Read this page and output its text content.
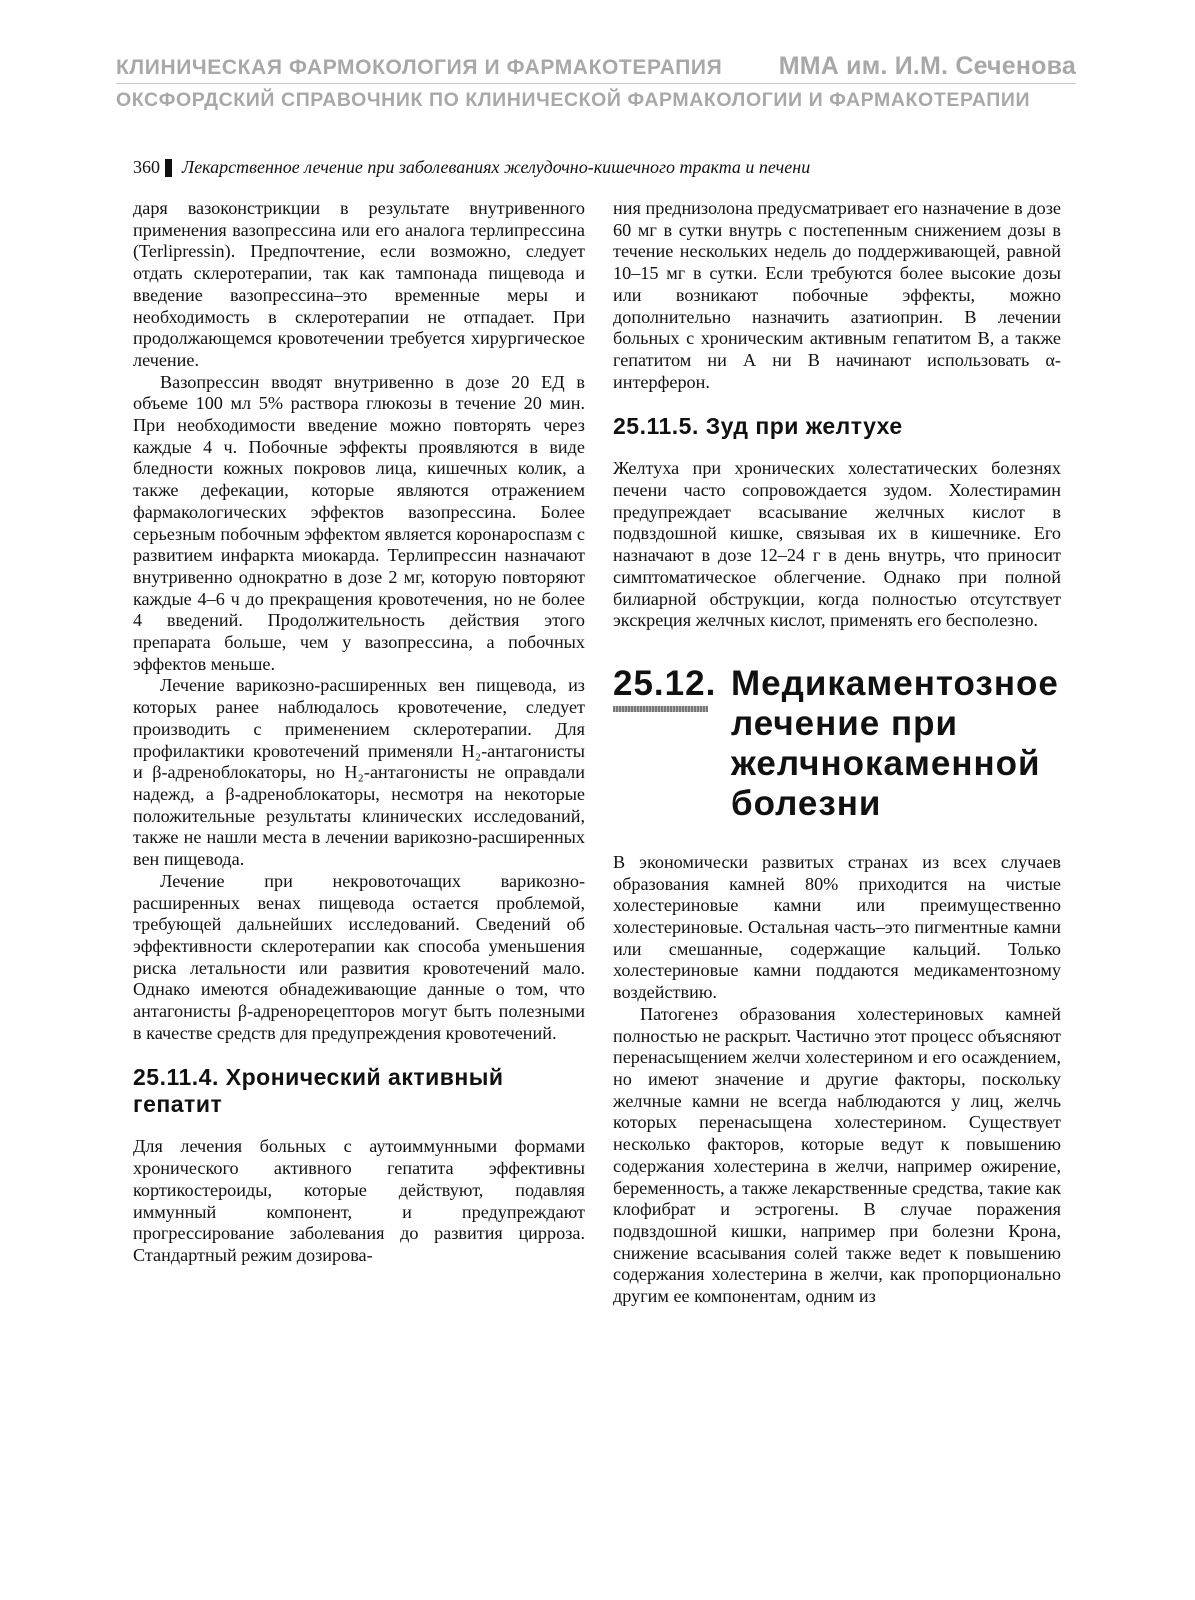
КЛИНИЧЕСКАЯ ФАРМОКОЛОГИЯ И ФАРМАКОТЕРАПИЯ ММА им. И.М. Сеченова
ОКСФОРДСКИЙ СПРАВОЧНИК ПО КЛИНИЧЕСКОЙ ФАРМАКОЛОГИИ И ФАРМАКОТЕРАПИИ
360 Лекарственное лечение при заболеваниях желудочно-кишечного тракта и печени

даря вазоконстрикции в результате внутривенного применения вазопрессина или его аналога терлипрессина (Terlipressin). Предпочтение, если возможно, следует отдать склеротерапии, так как тампонада пищевода и введение вазопрессина–это временные меры и необходимость в склеротерапии не отпадает. При продолжающемся кровотечении требуется хирургическое лечение.

Вазопрессин вводят внутривенно в дозе 20 ЕД в объеме 100 мл 5% раствора глюкозы в течение 20 мин. При необходимости введение можно повторять через каждые 4 ч. Побочные эффекты проявляются в виде бледности кожных покровов лица, кишечных колик, а также дефекации, которые являются отражением фармакологических эффектов вазопрессина. Более серьезным побочным эффектом является коронароспазм с развитием инфаркта миокарда. Терлипрессин назначают внутривенно однократно в дозе 2 мг, которую повторяют каждые 4–6 ч до прекращения кровотечения, но не более 4 введений. Продолжительность действия этого препарата больше, чем у вазопрессина, а побочных эффектов меньше.

Лечение варикозно-расширенных вен пищевода, из которых ранее наблюдалось кровотечение, следует производить с применением склеротерапии. Для профилактики кровотечений применяли H₂-антагонисты и β-адреноблокаторы, но H₂-антагонисты не оправдали надежд, а β-адреноблокаторы, несмотря на некоторые положительные результаты клинических исследований, также не нашли места в лечении варикозно-расширенных вен пищевода.

Лечение при некровоточащих варикозно-расширенных венах пищевода остается проблемой, требующей дальнейших исследований. Сведений об эффективности склеротерапии как способа уменьшения риска летальности или развития кровотечений мало. Однако имеются обнадеживающие данные о том, что антагонисты β-адренорецепторов могут быть полезными в качестве средств для предупреждения кровотечений.

25.11.4. Хронический активный гепатит

Для лечения больных с аутоиммунными формами хронического активного гепатита эффективны кортикостероиды, которые действуют, подавляя иммунный компонент, и предупреждают прогрессирование заболевания до развития цирроза. Стандартный режим дозирова-

ния преднизолона предусматривает его назначение в дозе 60 мг в сутки внутрь с постепенным снижением дозы в течение нескольких недель до поддерживающей, равной 10–15 мг в сутки. Если требуются более высокие дозы или возникают побочные эффекты, можно дополнительно назначить азатиоприн. В лечении больных с хроническим активным гепатитом В, а также гепатитом ни А ни В начинают использовать α-интерферон.

25.11.5. Зуд при желтухе

Желтуха при хронических холестатических болезнях печени часто сопровождается зудом. Холестирамин предупреждает всасывание желчных кислот в подвздошной кишке, связывая их в кишечнике. Его назначают в дозе 12–24 г в день внутрь, что приносит симптоматическое облегчение. Однако при полной билиарной обструкции, когда полностью отсутствует экскреция желчных кислот, применять его бесполезно.

25.12. Медикаментозное лечение при желчнокаменной болезни

В экономически развитых странах из всех случаев образования камней 80% приходится на чистые холестериновые камни или преимущественно холестериновые. Остальная часть–это пигментные камни или смешанные, содержащие кальций. Только холестериновые камни поддаются медикаментозному воздействию.

Патогенез образования холестериновых камней полностью не раскрыт. Частично этот процесс объясняют перенасыщением желчи холестерином и его осаждением, но имеют значение и другие факторы, поскольку желчные камни не всегда наблюдаются у лиц, желчь которых перенасыщена холестерином. Существует несколько факторов, которые ведут к повышению содержания холестерина в желчи, например ожирение, беременность, а также лекарственные средства, такие как клофибрат и эстрогены. В случае поражения подвздошной кишки, например при болезни Крона, снижение всасывания солей также ведет к повышению содержания холестерина в желчи, как пропорционально другим ее компонентам, одним из
